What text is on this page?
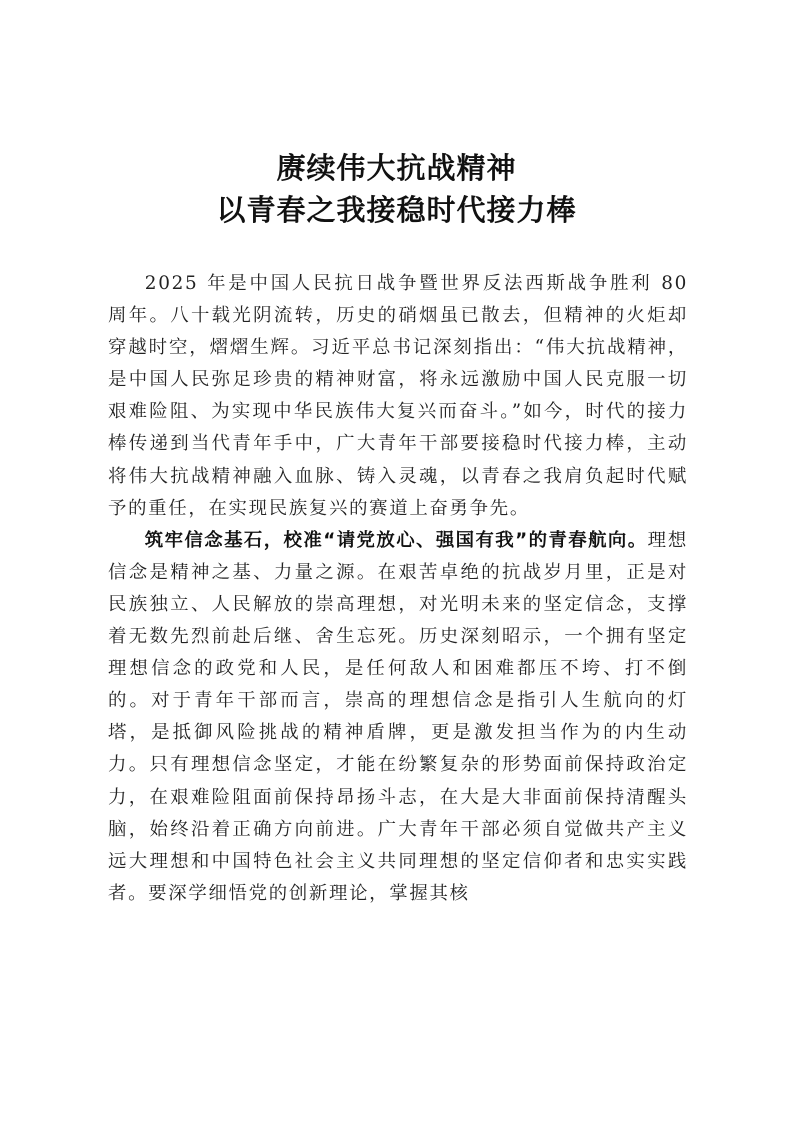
赓续伟大抗战精神
以青春之我接稳时代接力棒

2025 年是中国人民抗日战争暨世界反法西斯战争胜利 80 周年。八十载光阴流转，历史的硝烟虽已散去，但精神的火炬却穿越时空，熠熠生辉。习近平总书记深刻指出：“伟大抗战精神，是中国人民弥足珍贵的精神财富，将永远激励中国人民克服一切艰难险阻、为实现中华民族伟大复兴而奋斗。”如今，时代的接力棒传递到当代青年手中，广大青年干部要接稳时代接力棒，主动将伟大抗战精神融入血脉、铸入灵魂，以青春之我肩负起时代赋予的重任，在实现民族复兴的赛道上奋勇争先。

筑牢信念基石，校准“请党放心、强国有我”的青春航向。理想信念是精神之基、力量之源。在艰苦卓绝的抗战岁月里，正是对民族独立、人民解放的崇高理想，对光明未来的坚定信念，支撑着无数先烈前赴后继、舍生忘死。历史深刻昭示，一个拥有坚定理想信念的政党和人民，是任何敌人和困难都压不垮、打不倒的。对于青年干部而言，崇高的理想信念是指引人生航向的灯塔，是抵御风险挑战的精神盾牌，更是激发担当作为的内生动力。只有理想信念坚定，才能在纷繁复杂的形势面前保持政治定力，在艰难险阻面前保持昂扬斗志，在大是大非面前保持清醒头脑，始终沿着正确方向前进。广大青年干部必须自觉做共产主义远大理想和中国特色社会主义共同理想的坚定信仰者和忠实实践者。要深学细悟党的创新理论，掌握其核
